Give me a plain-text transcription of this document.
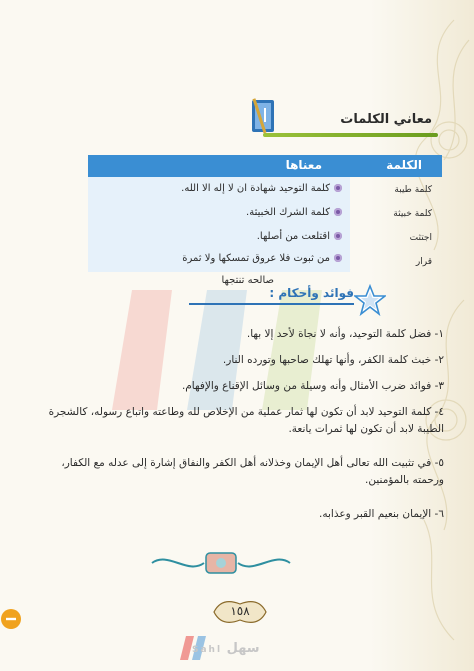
معاني الكلمات
الكلمة
معناها
كلمة طيبة
كلمة التوحيد شهادة ان لا إله الا الله.
كلمة خبيثة
كلمة الشرك الخبيثة.
اجتثت
اقتلعت من أصلها.
قرار
من ثبوت فلا عروق تمسكها ولا ثمرة
صالحه تنتجها
فوائد وأحكام :
١- فضل كلمة التوحيد، وأنه لا نجاة لأحد إلا بها.
٢- خبث كلمة الكفر، وأنها تهلك صاحبها وتورده النار.
٣- فوائد ضرب الأمثال وأنه وسيلة من وسائل الإقناع والإفهام.
٤- كلمة التوحيد لابد أن تكون لها ثمار عملية من الإخلاص لله وطاعته واتباع رسوله، كالشجرة الطيبة لابد أن تكون لها ثمرات يانعة.
٥- في تثبيت الله تعالى أهل الإيمان وخذلانه أهل الكفر والنفاق إشارة إلى عدله مع الكفار، ورحمته بالمؤمنين.
٦- الإيمان بنعيم القبر وعذابه.
١٥٨
سهل Sahl
